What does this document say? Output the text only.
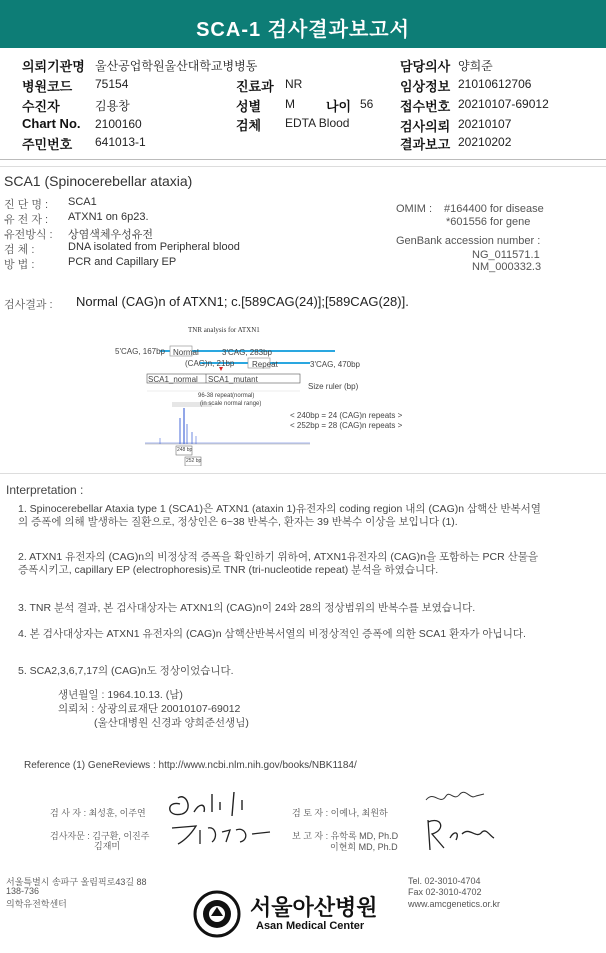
SCA-1 검사결과보고서
의뢰기관명 울산공업학원울산대학교병병동
병원코드 75154
수진자	김용창
Chart No. 2100160
주민번호 641013-1
진료과 NR
성별 M 나이 56
검체 EDTA Blood
담당의사 양희준
임상정보 21010612706
접수번호 20210107-69012
검사의뢰 20210107
결과보고 20210202
SCA1 (Spinocerebellar ataxia)
진 단 명 : SCA1
유 전 자 : ATXN1 on 6p23.
유전방식 : 상염색체우성유전
검 체 :	DNA isolated from Peripheral blood
방 법 :	PCR and Capillary EP
OMIM : #164400 for disease
*601556 for gene
GenBank accession number :
NG_011571.1
NM_000332.3
검사결과 : Normal (CAG)n of ATXN1; c.[589CAG(24)];[589CAG(28)].
TNR analysis for ATXN1
5'CAG, 167bp Normal	3'CAG, 283bp
(CAG)n, 21bp Repeat	3'CAG, 470bp
SCA1_normal SCA1_mutant
Size ruler (bp)
96-38 repeat(normal)
(in scale normal range)
248 bp
252 bp
< 240bp = 24 (CAG)n repeats >
< 252bp = 28 (CAG)n repeats >
Interpretation :
1. Spinocerebellar Ataxia type 1 (SCA1)은 ATXN1 (ataxin 1)유전자의 coding region 내의 (CAG)n 삼핵산 반복서열의 증폭에 의해 발생하는 질환으로, 정상인은 6~38 반복수, 환자는 39 반복수 이상을 보입니다 (1).
2. ATXN1 유전자의 (CAG)n의 비정상적 증폭을 확인하기 위하여, ATXN1유전자의 (CAG)n을 포함하는 PCR 산물을 증폭시키고, capillary EP (electrophoresis)로 TNR (tri-nucleotide repeat) 분석을 하였습니다.
3. TNR 분석 결과, 본 검사대상자는 ATXN1의 (CAG)n이 24와 28의 정상범위의 반복수를 보였습니다.
4. 본 검사대상자는 ATXN1 유전자의 (CAG)n 삼핵산반복서열의 비정상적인 증폭에 의한 SCA1 환자가 아닙니다.
5. SCA2,3,6,7,17의 (CAG)n도 정상이었습니다.
생년월일 : 1964.10.13. (남)
의뢰처 : 상광의료재단 20010107-69012
(울산대병원 신경과 양희준선생님)
Reference (1) GeneReviews : http://www.ncbi.nlm.nih.gov/books/NBK1184/
검 사 자 : 최성훈, 이주연
검사자문 : 김구환, 이진주
김재미
검 토 자 : 이예나, 최원하
보 고 자 : 유학록 MD, Ph.D
이현희 MD, Ph.D
서울특별시 송파구 올림픽로43길 88
138-736
의학유전학센터
Tel. 02-3010-4704
Fax 02-3010-4702
www.amcgenetics.or.kr
서울아산병원
Asan Medical Center
